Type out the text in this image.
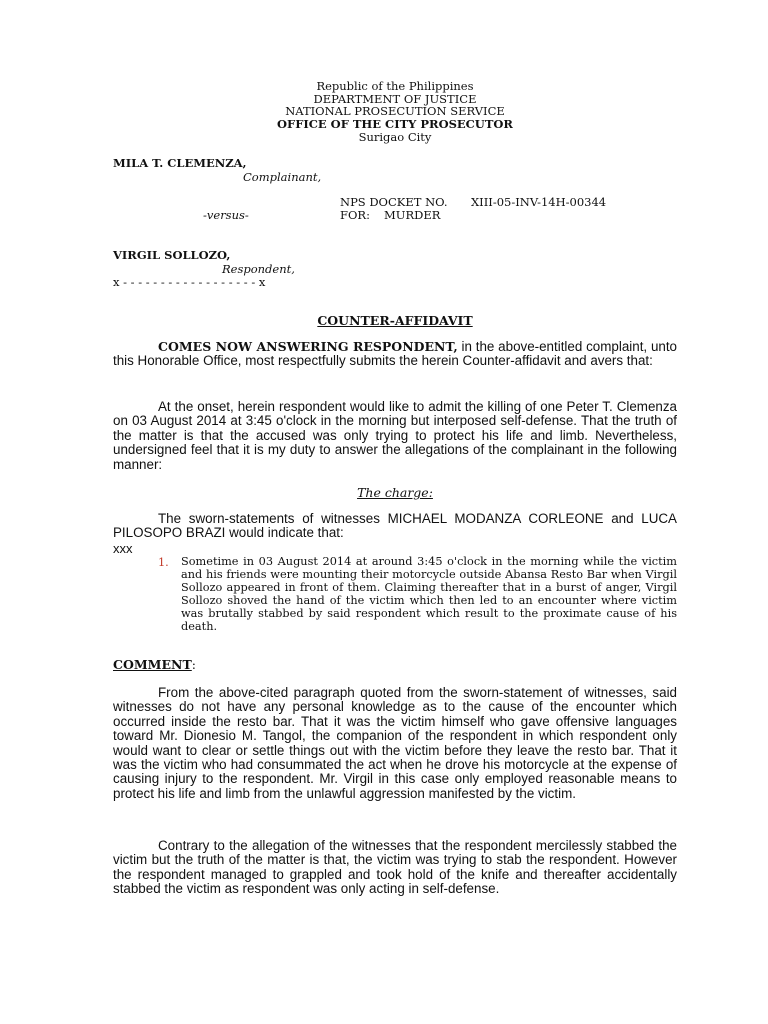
Republic of the Philippines
DEPARTMENT OF JUSTICE
NATIONAL PROSECUTION SERVICE
OFFICE OF THE CITY PROSECUTOR
Surigao City
MILA T. CLEMENZA,
Complainant,
NPS DOCKET NO. XIII-05-INV-14H-00344
-versus-	FOR: MURDER
VIRGIL SOLLOZO,
Respondent,
x - - - - - - - - - - - - - - - - - - x
COUNTER-AFFIDAVIT
COMES NOW ANSWERING RESPONDENT, in the above-entitled complaint, unto this Honorable Office, most respectfully submits the herein Counter-affidavit and avers that:
At the onset, herein respondent would like to admit the killing of one Peter T. Clemenza on 03 August 2014 at 3:45 o'clock in the morning but interposed self-defense. That the truth of the matter is that the accused was only trying to protect his life and limb. Nevertheless, undersigned feel that it is my duty to answer the allegations of the complainant in the following manner:
The charge:
The sworn-statements of witnesses MICHAEL MODANZA CORLEONE and LUCA PILOSOPO BRAZI would indicate that:
xxx
1. Sometime in 03 August 2014 at around 3:45 o'clock in the morning while the victim and his friends were mounting their motorcycle outside Abansa Resto Bar when Virgil Sollozo appeared in front of them. Claiming thereafter that in a burst of anger, Virgil Sollozo shoved the hand of the victim which then led to an encounter where victim was brutally stabbed by said respondent which result to the proximate cause of his death.
COMMENT:
From the above-cited paragraph quoted from the sworn-statement of witnesses, said witnesses do not have any personal knowledge as to the cause of the encounter which occurred inside the resto bar. That it was the victim himself who gave offensive languages toward Mr. Dionesio M. Tangol, the companion of the respondent in which respondent only would want to clear or settle things out with the victim before they leave the resto bar. That it was the victim who had consummated the act when he drove his motorcycle at the expense of causing injury to the respondent. Mr. Virgil in this case only employed reasonable means to protect his life and limb from the unlawful aggression manifested by the victim.
Contrary to the allegation of the witnesses that the respondent mercilessly stabbed the victim but the truth of the matter is that, the victim was trying to stab the respondent. However the respondent managed to grappled and took hold of the knife and thereafter accidentally stabbed the victim as respondent was only acting in self-defense.
